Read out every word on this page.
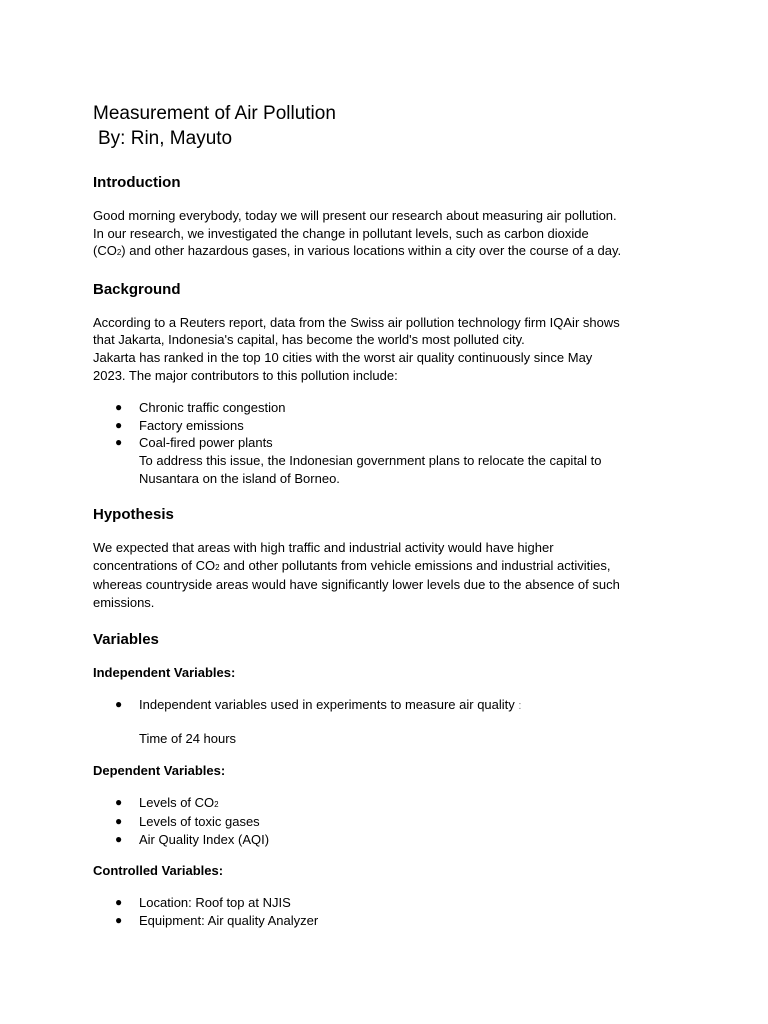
Measurement of Air Pollution
By: Rin, Mayuto
Introduction
Good morning everybody, today we will present our research about measuring air pollution.
In our research, we investigated the change in pollutant levels, such as carbon dioxide
(CO2) and other hazardous gases, in various locations within a city over the course of a day.
Background
According to a Reuters report, data from the Swiss air pollution technology firm IQAir shows
that Jakarta, Indonesia's capital, has become the world's most polluted city.
Jakarta has ranked in the top 10 cities with the worst air quality continuously since May
2023. The major contributors to this pollution include:
● Chronic traffic congestion
● Factory emissions
● Coal-fired power plants
To address this issue, the Indonesian government plans to relocate the capital to
Nusantara on the island of Borneo.
Hypothesis
We expected that areas with high traffic and industrial activity would have higher
concentrations of CO2 and other pollutants from vehicle emissions and industrial activities,
whereas countryside areas would have significantly lower levels due to the absence of such
emissions.
Variables
Independent Variables:
● Independent variables used in experiments to measure air quality :
Time of 24 hours
Dependent Variables:
● Levels of CO2
● Levels of toxic gases
● Air Quality Index (AQI)
Controlled Variables:
● Location: Roof top at NJIS
● Equipment: Air quality Analyzer
